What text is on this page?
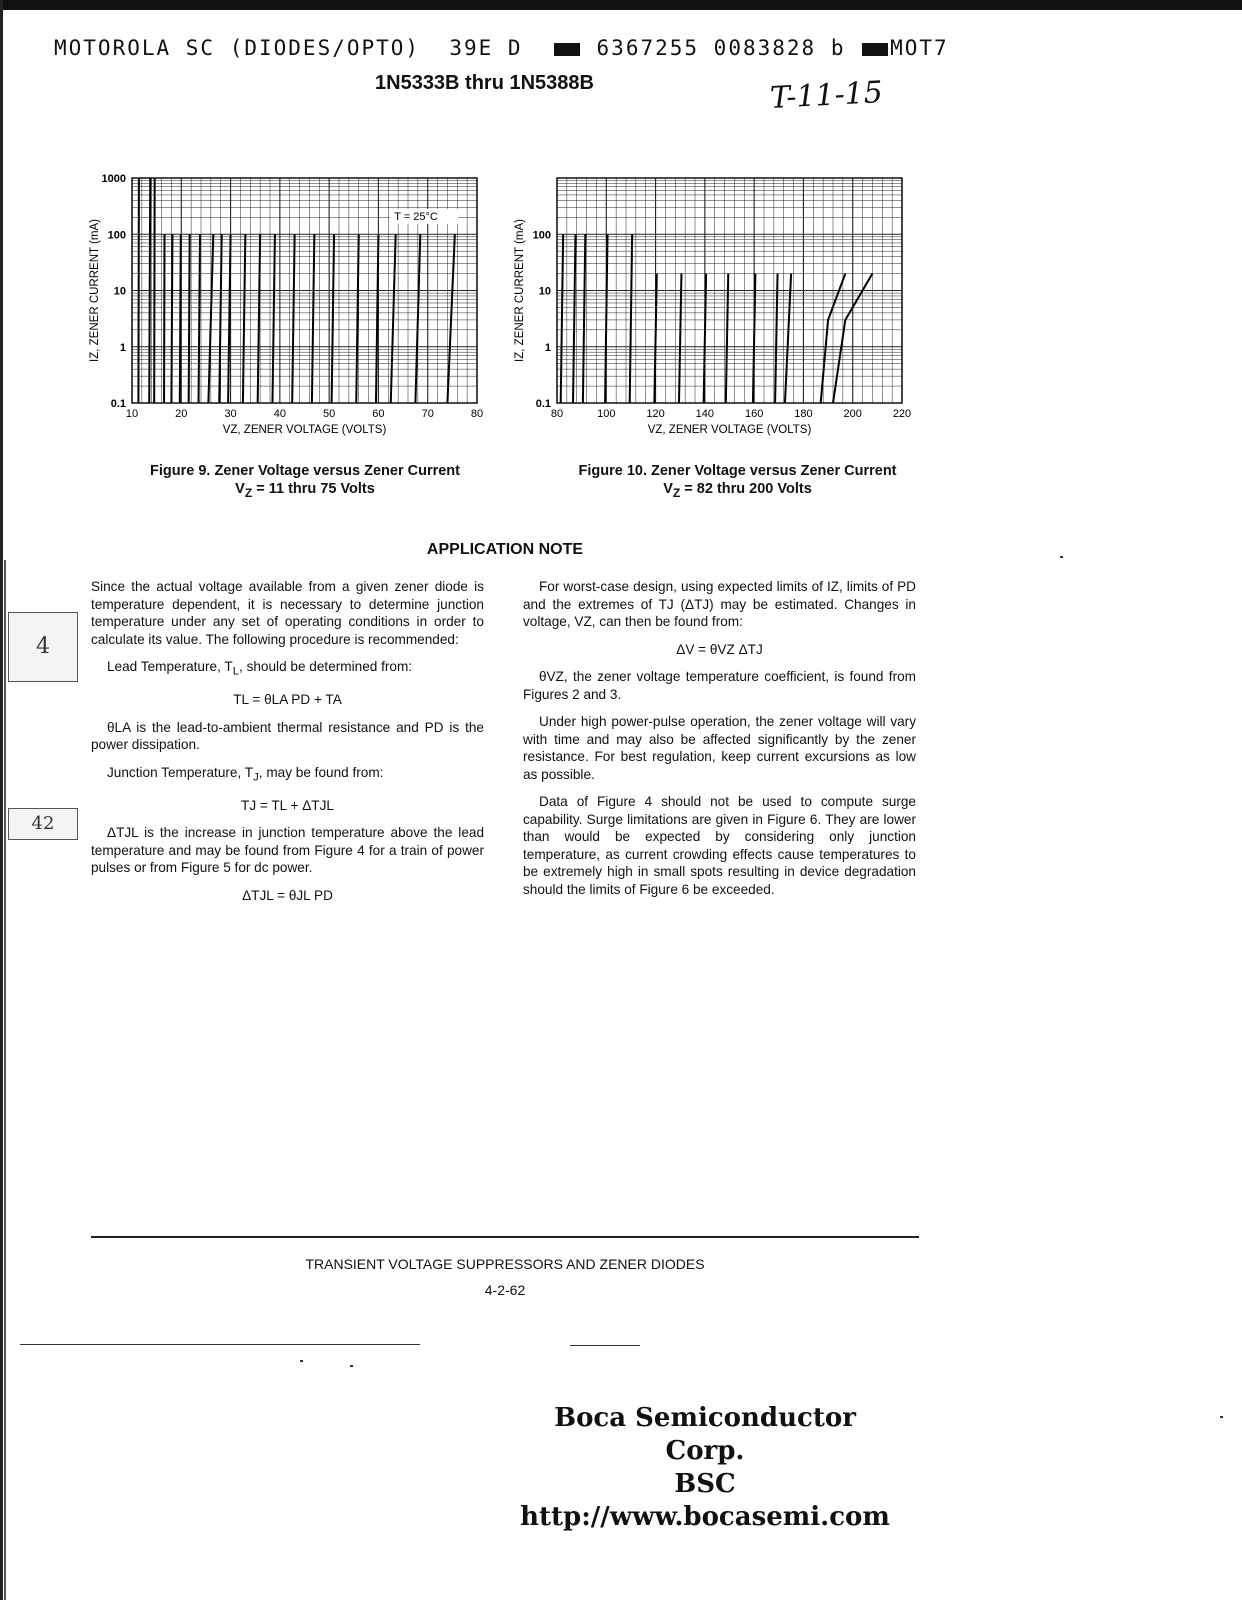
MOTOROLA SC (DIODES/OPTO)  39E D	6367255 0083828 b MOT7
1N5333B thru 1N5388B	T-11-15
10	20	30	40	50	60	70	80
0.1
1
10
100
1000
VZ, ZENER VOLTAGE (VOLTS)
IZ, ZENER CURRENT (mA)
T = 25°C
80	100	120	140	160	180	200	220
0.1
1
10
100
VZ, ZENER VOLTAGE (VOLTS)
IZ, ZENER CURRENT (mA)
Figure 9. Zener Voltage versus Zener Current
$V_Z = 11$ thru 75 Volts
Figure 10. Zener Voltage versus Zener Current
$V_Z = 82$ thru 200 Volts
APPLICATION NOTE

Since the actual voltage available from a given zener diode is temperature dependent, it is necessary to determine junction temperature under any set of operating conditions in order to calculate its value. The following procedure is recommended:

Lead Temperature, $T_L$, should be determined from:

TL = θLA PD + TA

θLA is the lead-to-ambient thermal resistance and PD is the power dissipation.

Junction Temperature, $T_J$, may be found from:

TJ = TL + ΔTJL

ΔTJL is the increase in junction temperature above the lead temperature and may be found from Figure 4 for a train of power pulses or from Figure 5 for dc power.

ΔTJL = θJL PD

For worst-case design, using expected limits of IZ, limits of PD and the extremes of TJ (ΔTJ) may be estimated. Changes in voltage, VZ, can then be found from:

ΔV = θVZ ΔTJ

θVZ, the zener voltage temperature coefficient, is found from Figures 2 and 3.

Under high power-pulse operation, the zener voltage will vary with time and may also be affected significantly by the zener resistance. For best regulation, keep current excursions as low as possible.

Data of Figure 4 should not be used to compute surge capability. Surge limitations are given in Figure 6. They are lower than would be expected by considering only junction temperature, as current crowding effects cause temperatures to be extremely high in small spots resulting in device degradation should the limits of Figure 6 be exceeded.

4
42
TRANSIENT VOLTAGE SUPPRESSORS AND ZENER DIODES
4-2-62
Boca Semiconductor Corp.
BSC
http://www.bocasemi.com
